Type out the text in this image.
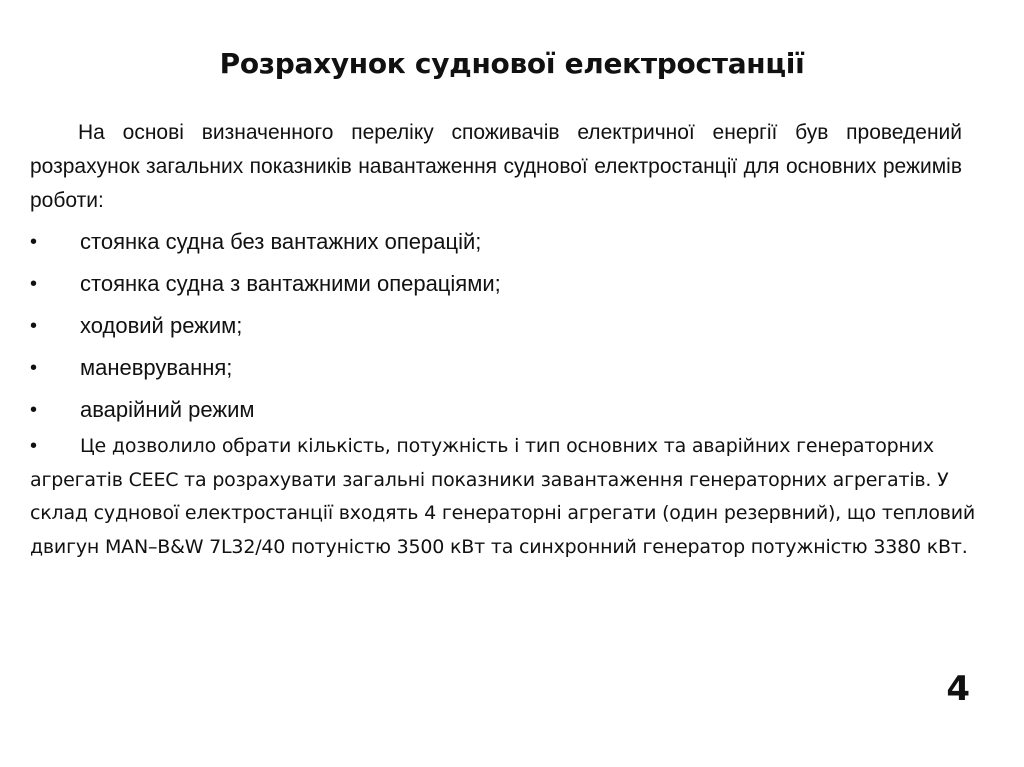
Розрахунок суднової електростанції

На основі визначенного переліку споживачів електричної енергії був проведений розрахунок загальних показників навантаження суднової електростанції для основних режимів роботи:

•	стоянка судна без вантажних операцій;
•	стоянка судна з вантажними операціями;
•	ходовий режим;
•	маневрування;
•	аварійний режим

• Це дозволило обрати кількість, потужність і тип основних та аварійних генераторних агрегатів СЕЕС та розрахувати загальні показники завантаження генераторних агрегатів. У склад суднової електростанції входять 4 генераторні агрегати (один резервний), що тепловий двигун MAN–B&W 7L32/40 потуністю 3500 кВт та синхронний генератор потужністю 3380 кВт.

4
